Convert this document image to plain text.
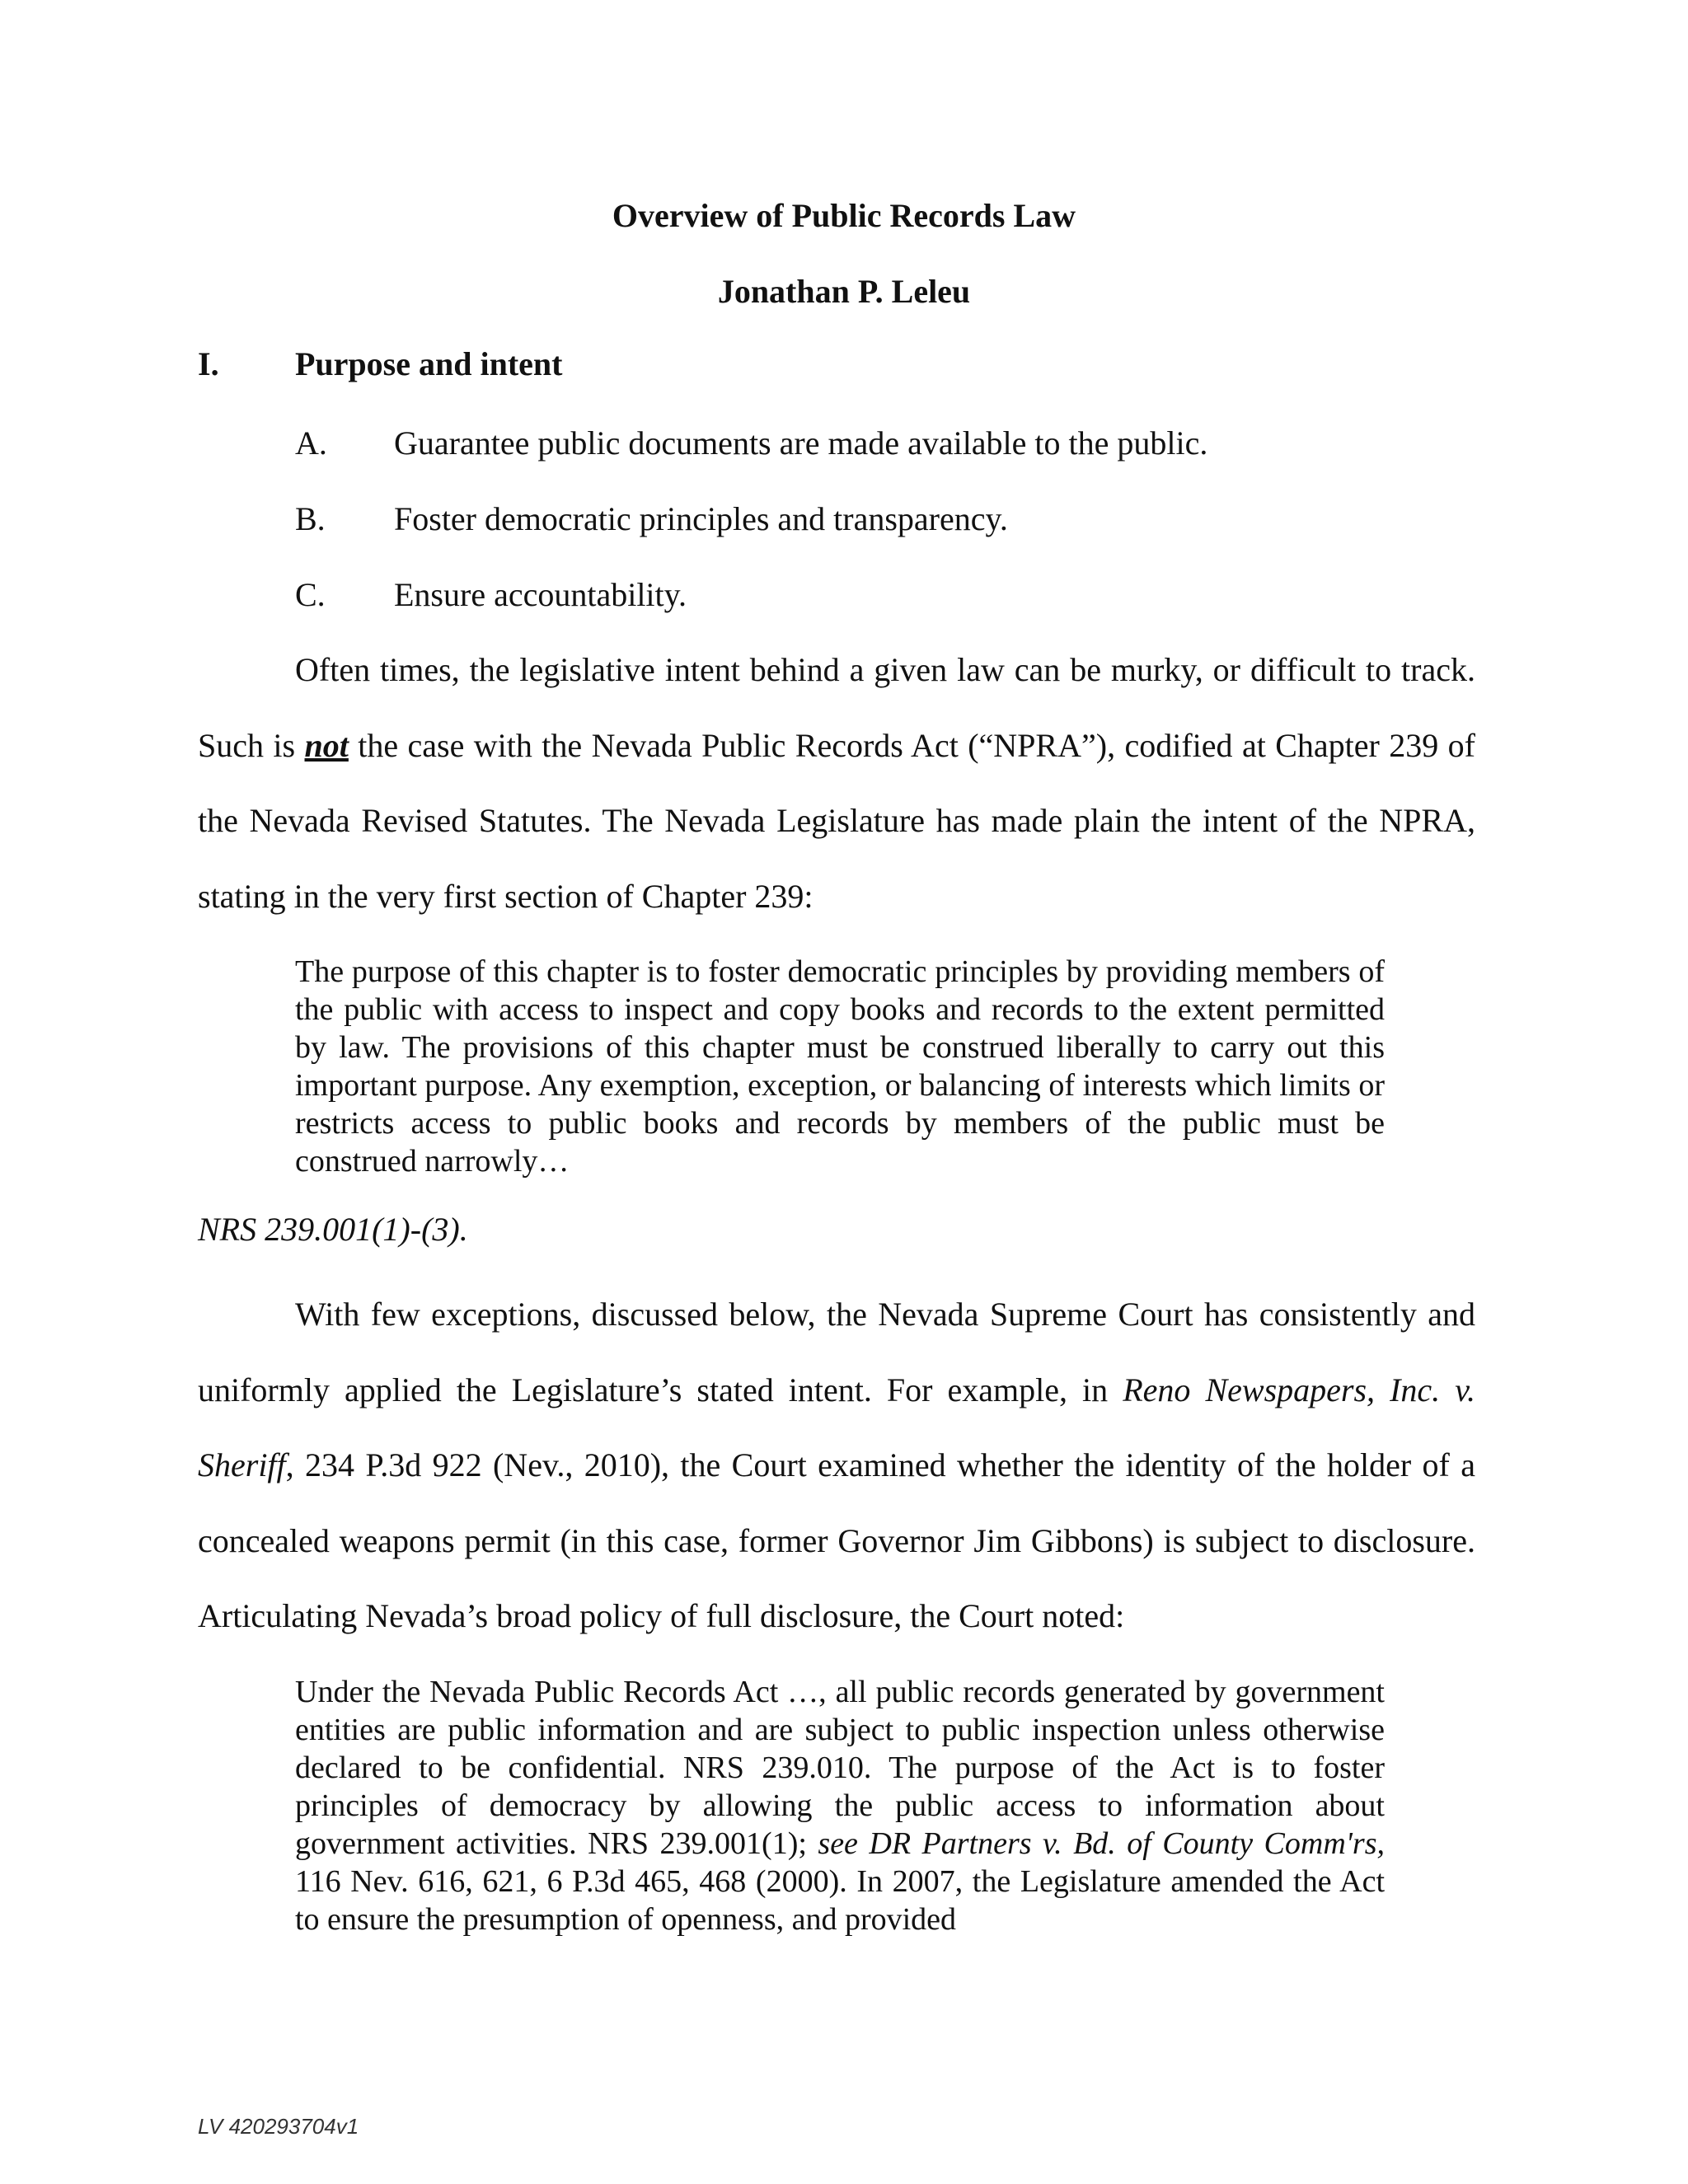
Overview of Public Records Law
Jonathan P. Leleu
I. Purpose and intent
A. Guarantee public documents are made available to the public.
B. Foster democratic principles and transparency.
C. Ensure accountability.

Often times, the legislative intent behind a given law can be murky, or difficult to track. Such is not the case with the Nevada Public Records Act (“NPRA”), codified at Chapter 239 of the Nevada Revised Statutes. The Nevada Legislature has made plain the intent of the NPRA, stating in the very first section of Chapter 239:

The purpose of this chapter is to foster democratic principles by providing members of the public with access to inspect and copy books and records to the extent permitted by law. The provisions of this chapter must be construed liberally to carry out this important purpose. Any exemption, exception, or balancing of interests which limits or restricts access to public books and records by members of the public must be construed narrowly…

NRS 239.001(1)-(3).

With few exceptions, discussed below, the Nevada Supreme Court has consistently and uniformly applied the Legislature’s stated intent. For example, in Reno Newspapers, Inc. v. Sheriff, 234 P.3d 922 (Nev., 2010), the Court examined whether the identity of the holder of a concealed weapons permit (in this case, former Governor Jim Gibbons) is subject to disclosure. Articulating Nevada’s broad policy of full disclosure, the Court noted:

Under the Nevada Public Records Act …, all public records generated by government entities are public information and are subject to public inspection unless otherwise declared to be confidential. NRS 239.010. The purpose of the Act is to foster principles of democracy by allowing the public access to information about government activities. NRS 239.001(1); see DR Partners v. Bd. of County Comm'rs, 116 Nev. 616, 621, 6 P.3d 465, 468 (2000). In 2007, the Legislature amended the Act to ensure the presumption of openness, and provided

LV 420293704v1
